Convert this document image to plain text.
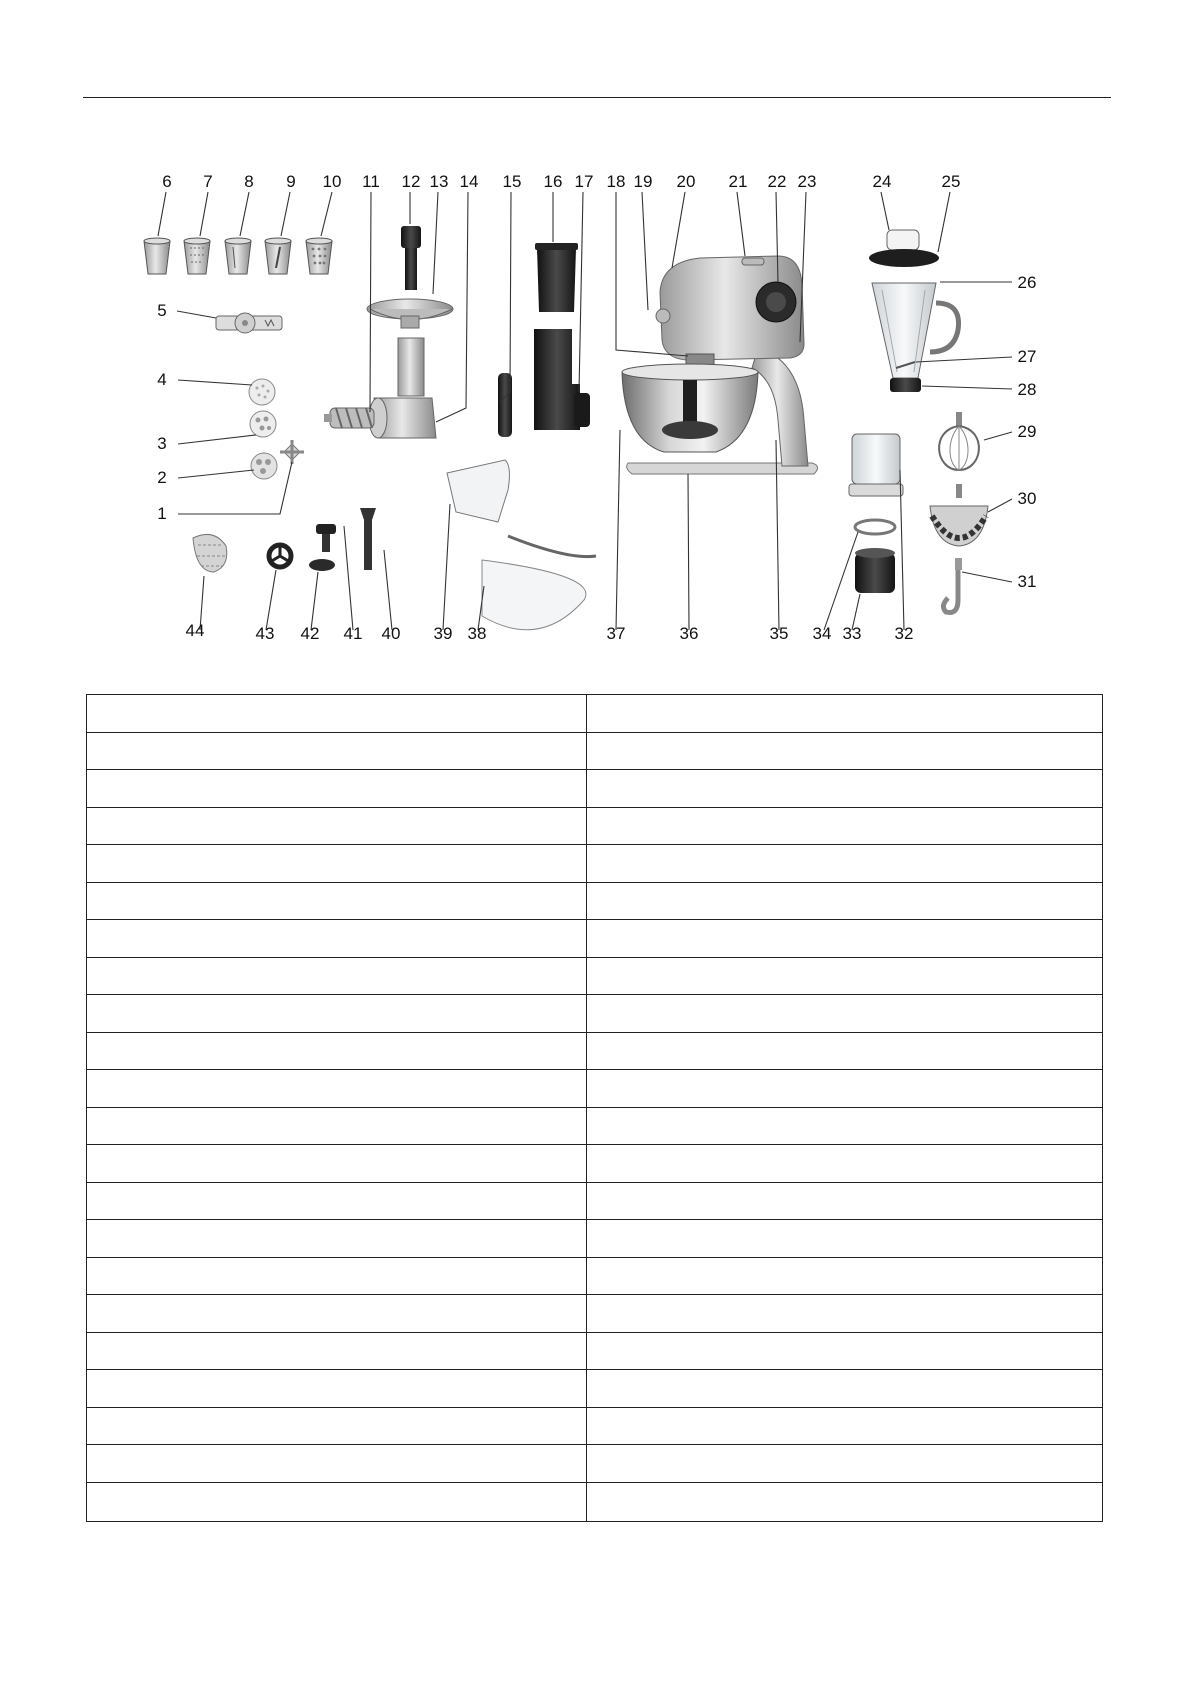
6 7 8 9 10 11 12 13 14 15 16 17 18 19 20 21 22 23	24	25
26
27
28
29
30
31
5
4
3
2
1
32
33
34
35
36
37
38
39
40
41
42
43
44
